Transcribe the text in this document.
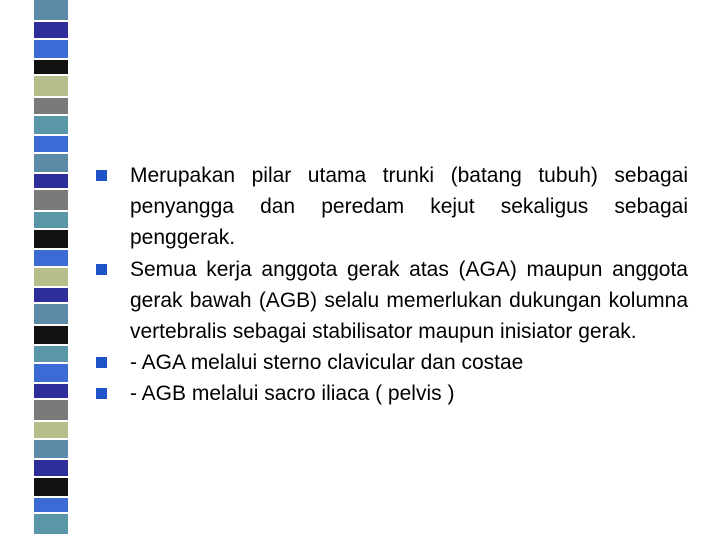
Merupakan pilar utama trunki (batang tubuh) sebagai penyangga dan peredam kejut sekaligus sebagai penggerak.
Semua kerja anggota gerak atas (AGA) maupun anggota gerak bawah (AGB) selalu memerlukan dukungan kolumna vertebralis sebagai stabilisator maupun inisiator gerak.
- AGA melalui sterno clavicular dan costae
- AGB melalui sacro iliaca ( pelvis )
